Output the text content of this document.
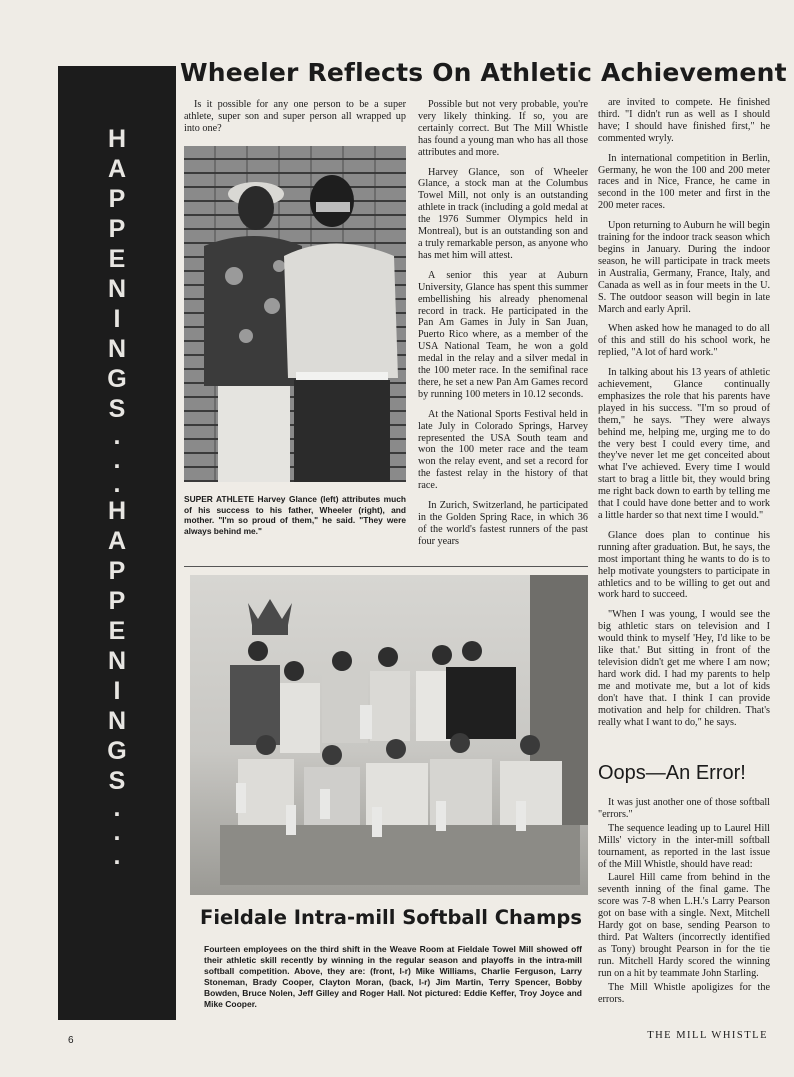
H
A
P
P
E
N
I
N
G
S
.
.
.
H
A
P
P
E
N
I
N
G
S
.
.
.
Wheeler Reflects On Athletic Achievement

Is it possible for any one person to be a super athlete, super son and super person all wrapped up into one?

SUPER ATHLETE Harvey Glance (left) attributes much of his success to his father, Wheeler (right), and mother. "I'm so proud of them," he said. "They were always behind me."

Possible but not very probable, you're very likely thinking. If so, you are certainly correct. But The Mill Whistle has found a young man who has all those attributes and more.

Harvey Glance, son of Wheeler Glance, a stock man at the Columbus Towel Mill, not only is an outstanding athlete in track (including a gold medal at the 1976 Summer Olympics held in Montreal), but is an outstanding son and a truly remarkable person, as anyone who has met him will attest.

A senior this year at Auburn University, Glance has spent this summer embellishing his already phenomenal record in track. He participated in the Pan Am Games in July in San Juan, Puerto Rico where, as a member of the USA National Team, he won a gold medal in the relay and a silver medal in the 100 meter race. In the semifinal race there, he set a new Pan Am Games record by running 100 meters in 10.12 seconds.

At the National Sports Festival held in late July in Colorado Springs, Harvey represented the USA South team and won the 100 meter race and the team won the relay event, and set a record for the fastest relay in the history of that race.

In Zurich, Switzerland, he participated in the Golden Spring Race, in which 36 of the world's fastest runners of the past four years

are invited to compete. He finished third. "I didn't run as well as I should have; I should have finished first," he commented wryly.

In international competition in Berlin, Germany, he won the 100 and 200 meter races and in Nice, France, he came in second in the 100 meter and first in the 200 meter races.

Upon returning to Auburn he will begin training for the indoor track season which begins in January. During the indoor season, he will participate in track meets in Australia, Germany, France, Italy, and Canada as well as in four meets in the U. S. The outdoor season will begin in late March and early April.

When asked how he managed to do all of this and still do his school work, he replied, "A lot of hard work."

In talking about his 13 years of athletic achievement, Glance continually emphasizes the role that his parents have played in his success. "I'm so proud of them," he says. "They were always behind me, helping me, urging me to do the very best I could every time, and they've never let me get conceited about what I've achieved. Every time I would start to brag a little bit, they would bring me right back down to earth by telling me that I could have done better and to work a little harder so that next time I would."

Glance does plan to continue his running after graduation. But, he says, the most important thing he wants to do is to help motivate youngsters to participate in athletics and to be willing to get out and work hard to succeed.

"When I was young, I would see the big athletic stars on television and I would think to myself 'Hey, I'd like to be like that.' But sitting in front of the television didn't get me where I am now; hard work did. I had my parents to help me and motivate me, but a lot of kids don't have that. I think I can provide motivation and help for children. That's really what I want to do," he says.

Fieldale Intra-mill Softball Champs
Fourteen employees on the third shift in the Weave Room at Fieldale Towel Mill showed off their athletic skill recently by winning in the regular season and playoffs in the intra-mill softball competition. Above, they are: (front, l-r) Mike Williams, Charlie Ferguson, Larry Stoneman, Brady Cooper, Clayton Moran, (back, l-r) Jim Martin, Terry Spencer, Bobby Bowden, Bruce Nolen, Jeff Gilley and Roger Hall. Not pictured: Eddie Keffer, Troy Joyce and Mike Cooper.
Oops—An Error!

It was just another one of those softball "errors."

The sequence leading up to Laurel Hill Mills' victory in the inter-mill softball tournament, as reported in the last issue of the Mill Whistle, should have read:

Laurel Hill came from behind in the seventh inning of the final game. The score was 7-8 when L.H.'s Larry Pearson got on base with a single. Next, Mitchell Hardy got on base, sending Pearson to third. Pat Walters (incorrectly identified as Tony) brought Pearson in for the tie run. Mitchell Hardy scored the winning run on a hit by teammate John Starling.

The Mill Whistle apoligizes for the errors.

6	THE MILL WHISTLE
